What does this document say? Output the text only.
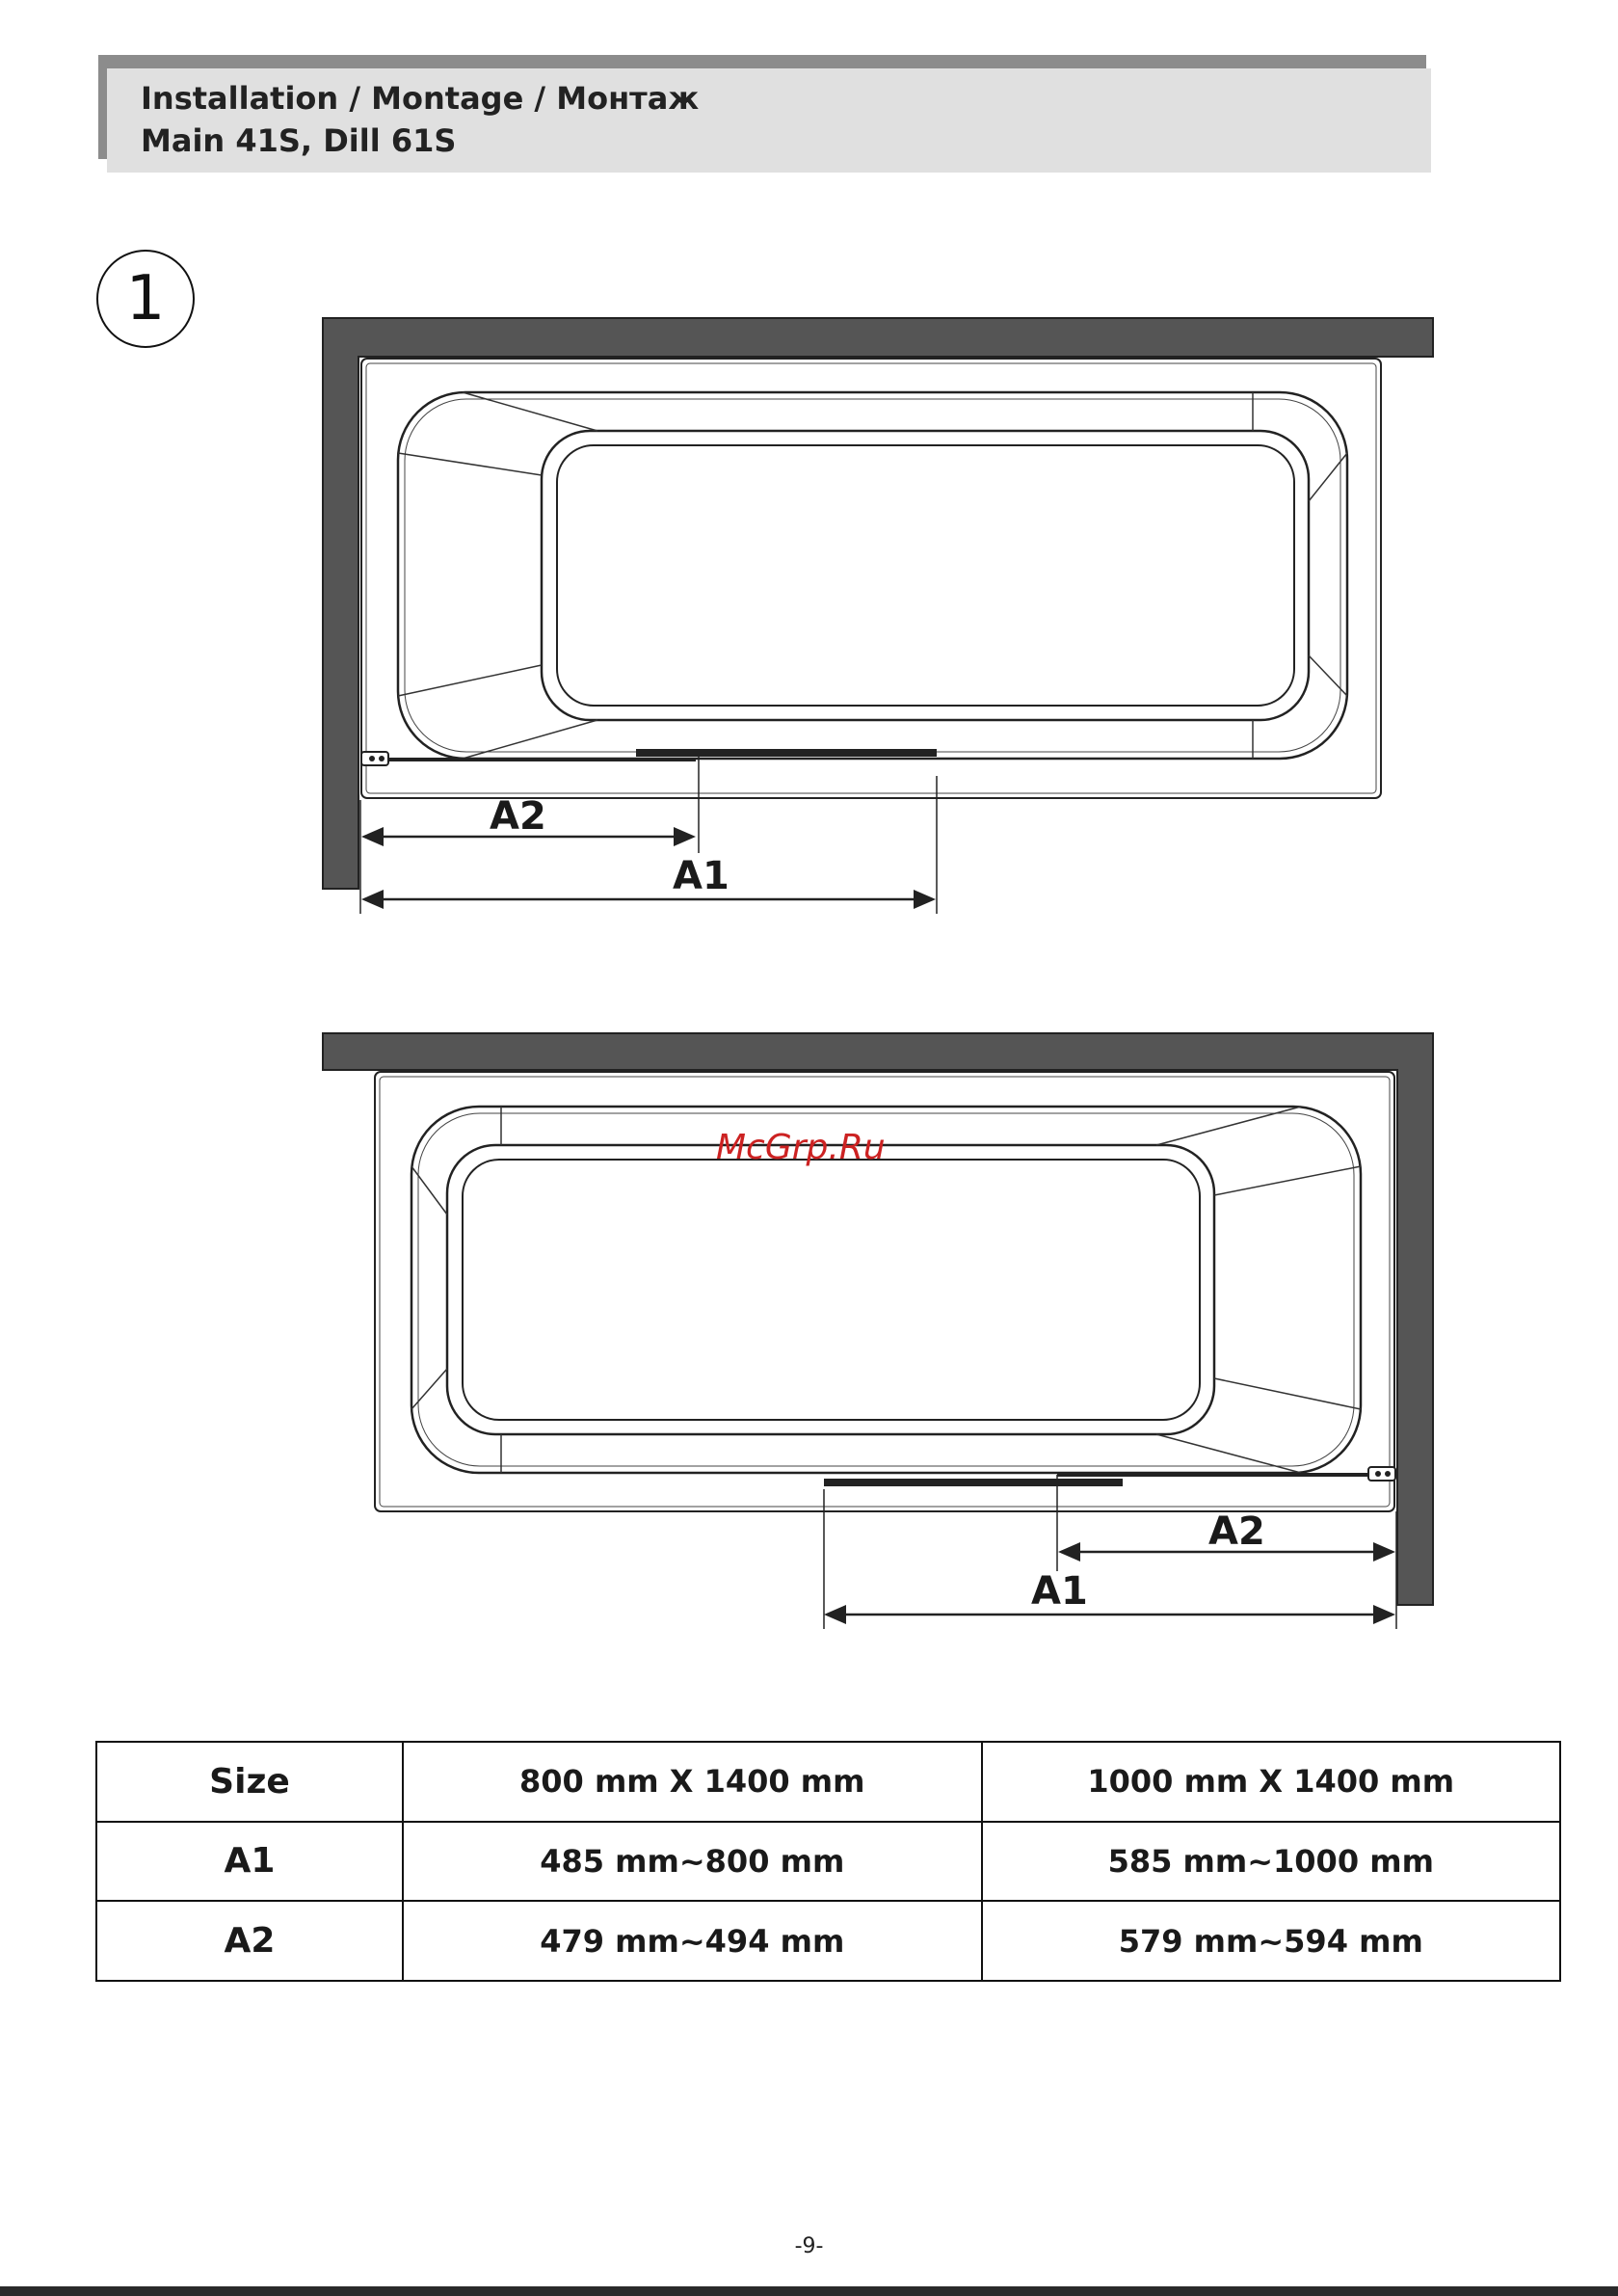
Installation / Montage / Монтаж
Main 41S, Dill 61S
1
A2
A1
McGrp.Ru
A2
A1
Size	800 mm X 1400 mm	1000 mm X 1400 mm
A1	485 mm~800 mm	585 mm~1000 mm
A2	479 mm~494 mm	579 mm~594 mm
-9-
